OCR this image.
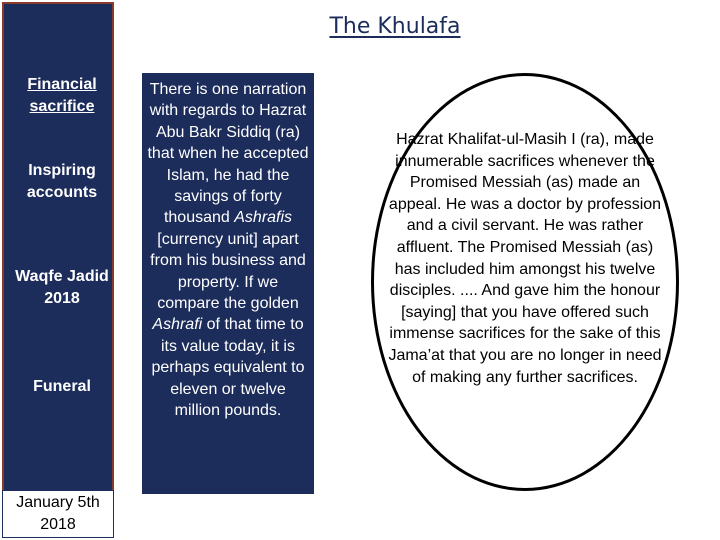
Financial sacrifice
Inspiring accounts
Waqfe Jadid 2018
Funeral
January 5th 2018
The Khulafa
There is one narration with regards to Hazrat Abu Bakr Siddiq (ra) that when he accepted Islam, he had the savings of forty thousand Ashrafis [currency unit] apart from his business and property. If we compare the golden Ashrafi of that time to its value today, it is perhaps equivalent to eleven or twelve million pounds.
Hazrat Khalifat-ul-Masih I (ra), made innumerable sacrifices whenever the Promised Messiah (as) made an appeal. He was a doctor by profession and a civil servant. He was rather affluent. The Promised Messiah (as) has included him amongst his twelve disciples. .... And gave him the honour [saying] that you have offered such immense sacrifices for the sake of this Jama’at that you are no longer in need of making any further sacrifices.
